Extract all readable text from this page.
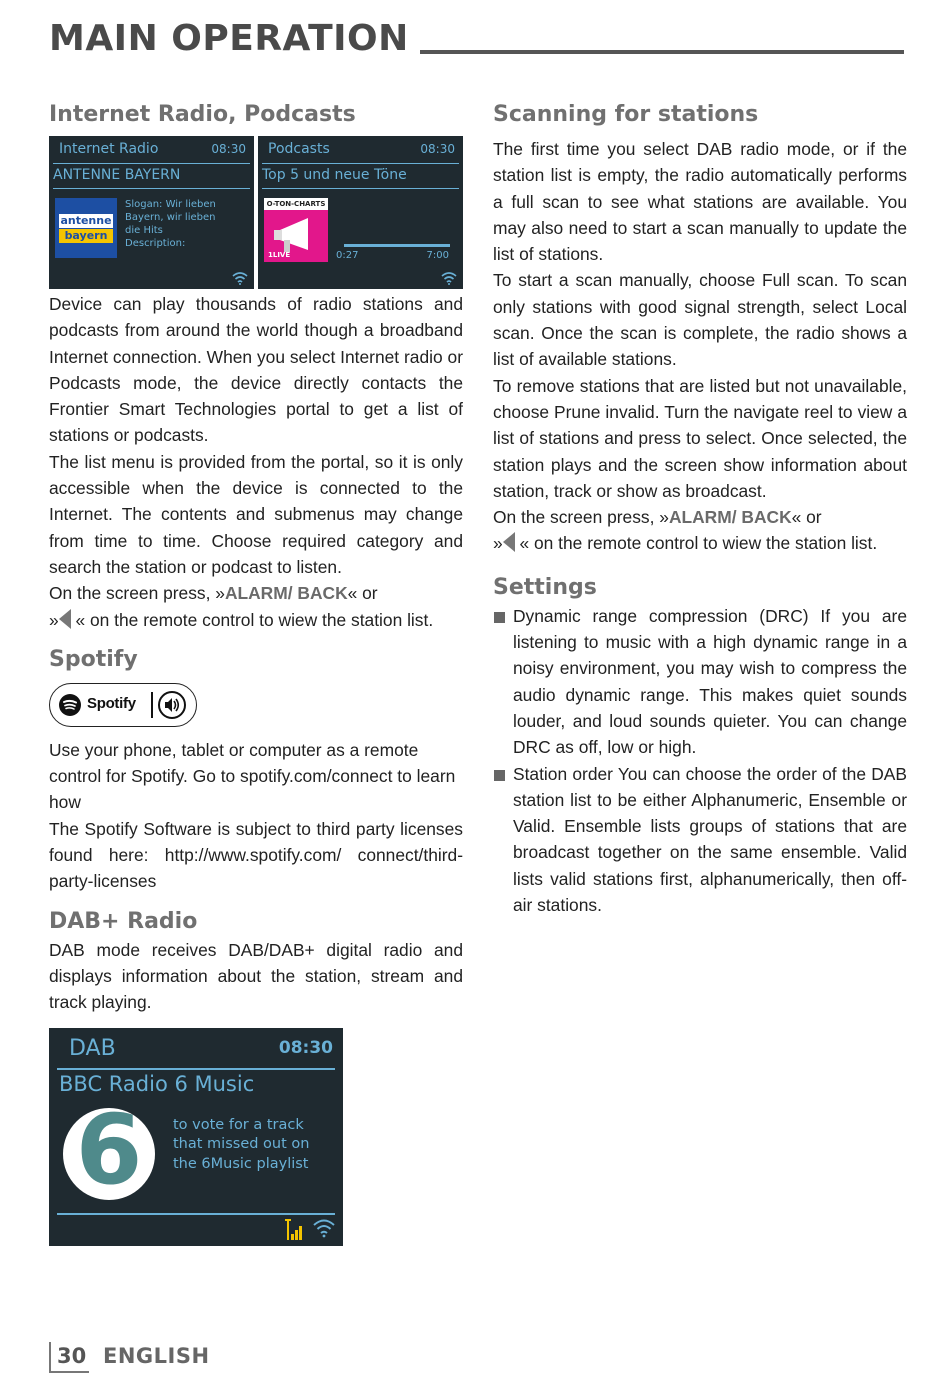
MAIN OPERATION
Internet Radio, Podcasts
Internet Radio	08:30
ANTENNE BAYERN
antenne
bayern
Slogan: Wir lieben
Bayern, wir lieben
die Hits
Description:
Podcasts	08:30
Top 5 und neue Töne
O-TON-CHARTS
1LIVE	0:27	7:00

Device can play thousands of radio stations and podcasts from around the world though a broadband Internet connection. When you select Internet radio or Podcasts mode, the device directly contacts the Frontier Smart Technologies portal to get a list of stations or podcasts.

The list menu is provided from the portal, so it is only accessible when the device is connected to the Internet. The contents and submenus may change from time to time. Choose required category and search the station or podcast to listen.

On the screen press, »ALARM/ BACK« or

» « on the remote control to wiew the station list.

Spotify
Spotify

Use your phone, tablet or computer as a remote control for Spotify. Go to spotify.com/connect to learn how

The Spotify Software is subject to third party licenses found here: http://www.spotify.com/ connect/third-party-licenses

DAB+ Radio

DAB mode receives DAB/DAB+ digital radio and displays information about the station, stream and track playing.

DAB	08:30
BBC Radio 6 Music
6	to vote for a track
that missed out on
the 6Music playlist
Scanning for stations

The first time you select DAB radio mode, or if the station list is empty, the radio automatically performs a full scan to see what stations are available. You may also need to start a scan manually to update the list of stations.

To start a scan manually, choose Full scan. To scan only stations with good signal strength, select Local scan. Once the scan is complete, the radio shows a list of available stations.

To remove stations that are listed but not unavailable, choose Prune invalid. Turn the navigate reel to view a list of stations and press to select. Once selected, the station plays and the screen show information about station, track or show as broadcast.

On the screen press, »ALARM/ BACK« or

» « on the remote control to wiew the station list.

Settings

Dynamic range compression (DRC) If you are listening to music with a high dynamic range in a noisy environment, you may wish to compress the audio dynamic range. This makes quiet sounds louder, and loud sounds quieter. You can change DRC as off, low or high.

Station order You can choose the order of the DAB station list to be either Alphanumeric, Ensemble or Valid. Ensemble lists groups of stations that are broadcast together on the same ensemble. Valid lists valid stations first, alphanumerically, then off-air stations.

30 ENGLISH
